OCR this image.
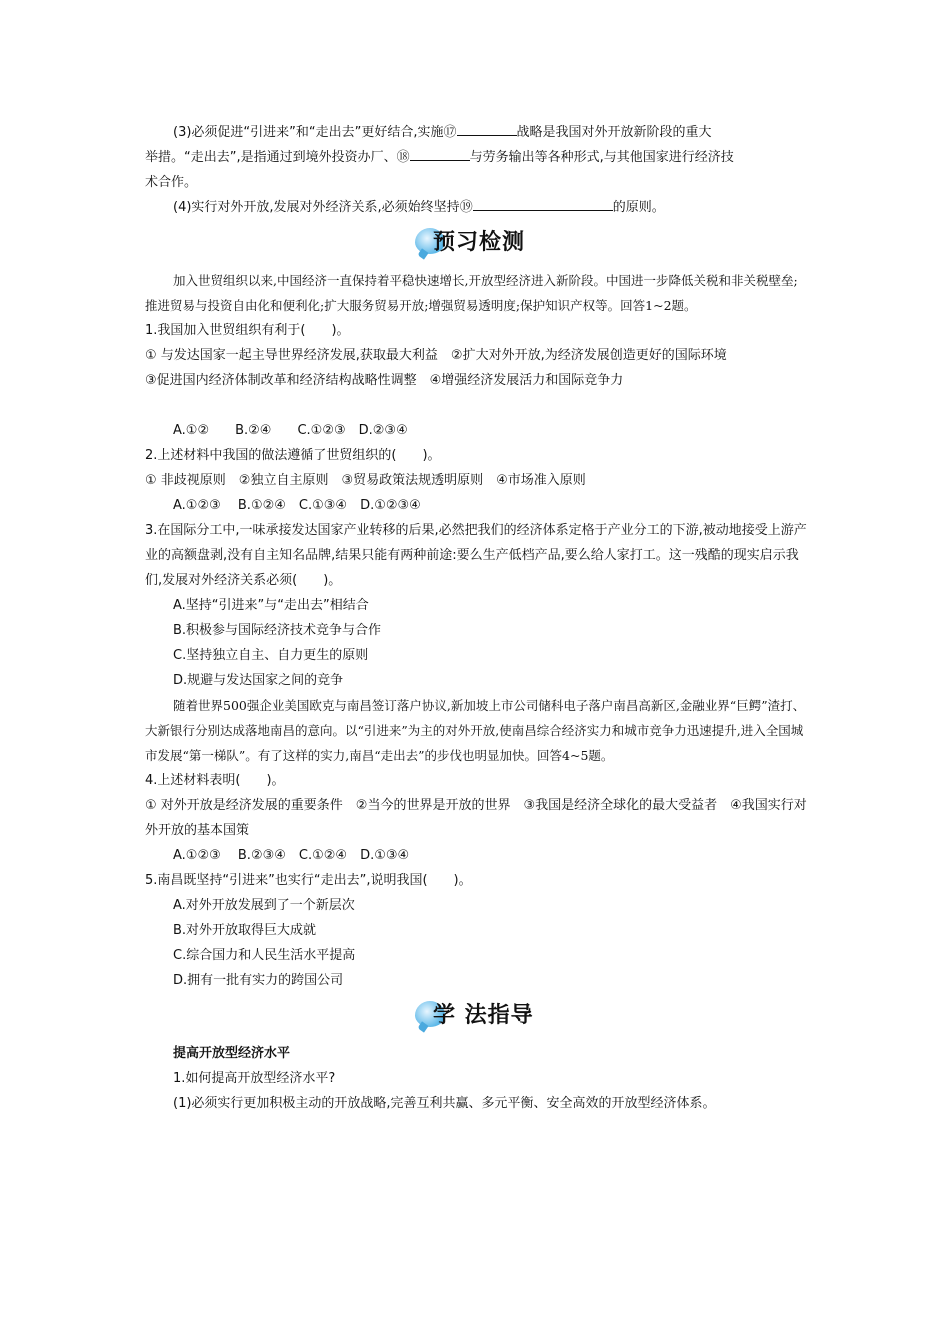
(3)必须促进“引进来”和“走出去”更好结合,实施⑰	战略是我国对外开放新阶段的重大
举措。“走出去”,是指通过到境外投资办厂、⑱	与劳务输出等各种形式,与其他国家进行经济技
术合作。
(4)实行对外开放,发展对外经济关系,必须始终坚持⑲	的原则。
预习检测
加入世贸组织以来,中国经济一直保持着平稳快速增长,开放型经济进入新阶段。中国进一步降低关税和非关税壁垒;推进贸易与投资自由化和便利化;扩大服务贸易开放;增强贸易透明度;保护知识产权等。回答1~2题。
1.我国加入世贸组织有利于(　　)。
① 与发达国家一起主导世界经济发展,获取最大利益　②扩大对外开放,为经济发展创造更好的国际环境
③促进国内经济体制改革和经济结构战略性调整　④增强经济发展活力和国际竞争力
A.①②　　B.②④　　C.①②③　D.②③④
2.上述材料中我国的做法遵循了世贸组织的(　　)。
① 非歧视原则　②独立自主原则　③贸易政策法规透明原则　④市场准入原则
A.①②③　 B.①②④　C.①③④　D.①②③④
3.在国际分工中,一味承接发达国家产业转移的后果,必然把我们的经济体系定格于产业分工的下游,被动地接受上游产业的高额盘剥,没有自主知名品牌,结果只能有两种前途:要么生产低档产品,要么给人家打工。这一残酷的现实启示我们,发展对外经济关系必须(　　)。
A.坚持“引进来”与“走出去”相结合
B.积极参与国际经济技术竞争与合作
C.坚持独立自主、自力更生的原则
D.规避与发达国家之间的竞争
随着世界500强企业美国欧克与南昌签订落户协议,新加坡上市公司储科电子落户南昌高新区,金融业界“巨鳄”渣打、大新银行分别达成落地南昌的意向。以“引进来”为主的对外开放,使南昌综合经济实力和城市竞争力迅速提升,进入全国城市发展“第一梯队”。有了这样的实力,南昌“走出去”的步伐也明显加快。回答4~5题。
4.上述材料表明(　　)。
① 对外开放是经济发展的重要条件　②当今的世界是开放的世界　③我国是经济全球化的最大受益者　④我国实行对外开放的基本国策
A.①②③　 B.②③④　C.①②④　D.①③④
5.南昌既坚持“引进来”也实行“走出去”,说明我国(　　)。
A.对外开放发展到了一个新层次
B.对外开放取得巨大成就
C.综合国力和人民生活水平提高
D.拥有一批有实力的跨国公司
学 法指导
提高开放型经济水平
1.如何提高开放型经济水平?
(1)必须实行更加积极主动的开放战略,完善互利共赢、多元平衡、安全高效的开放型经济体系。
